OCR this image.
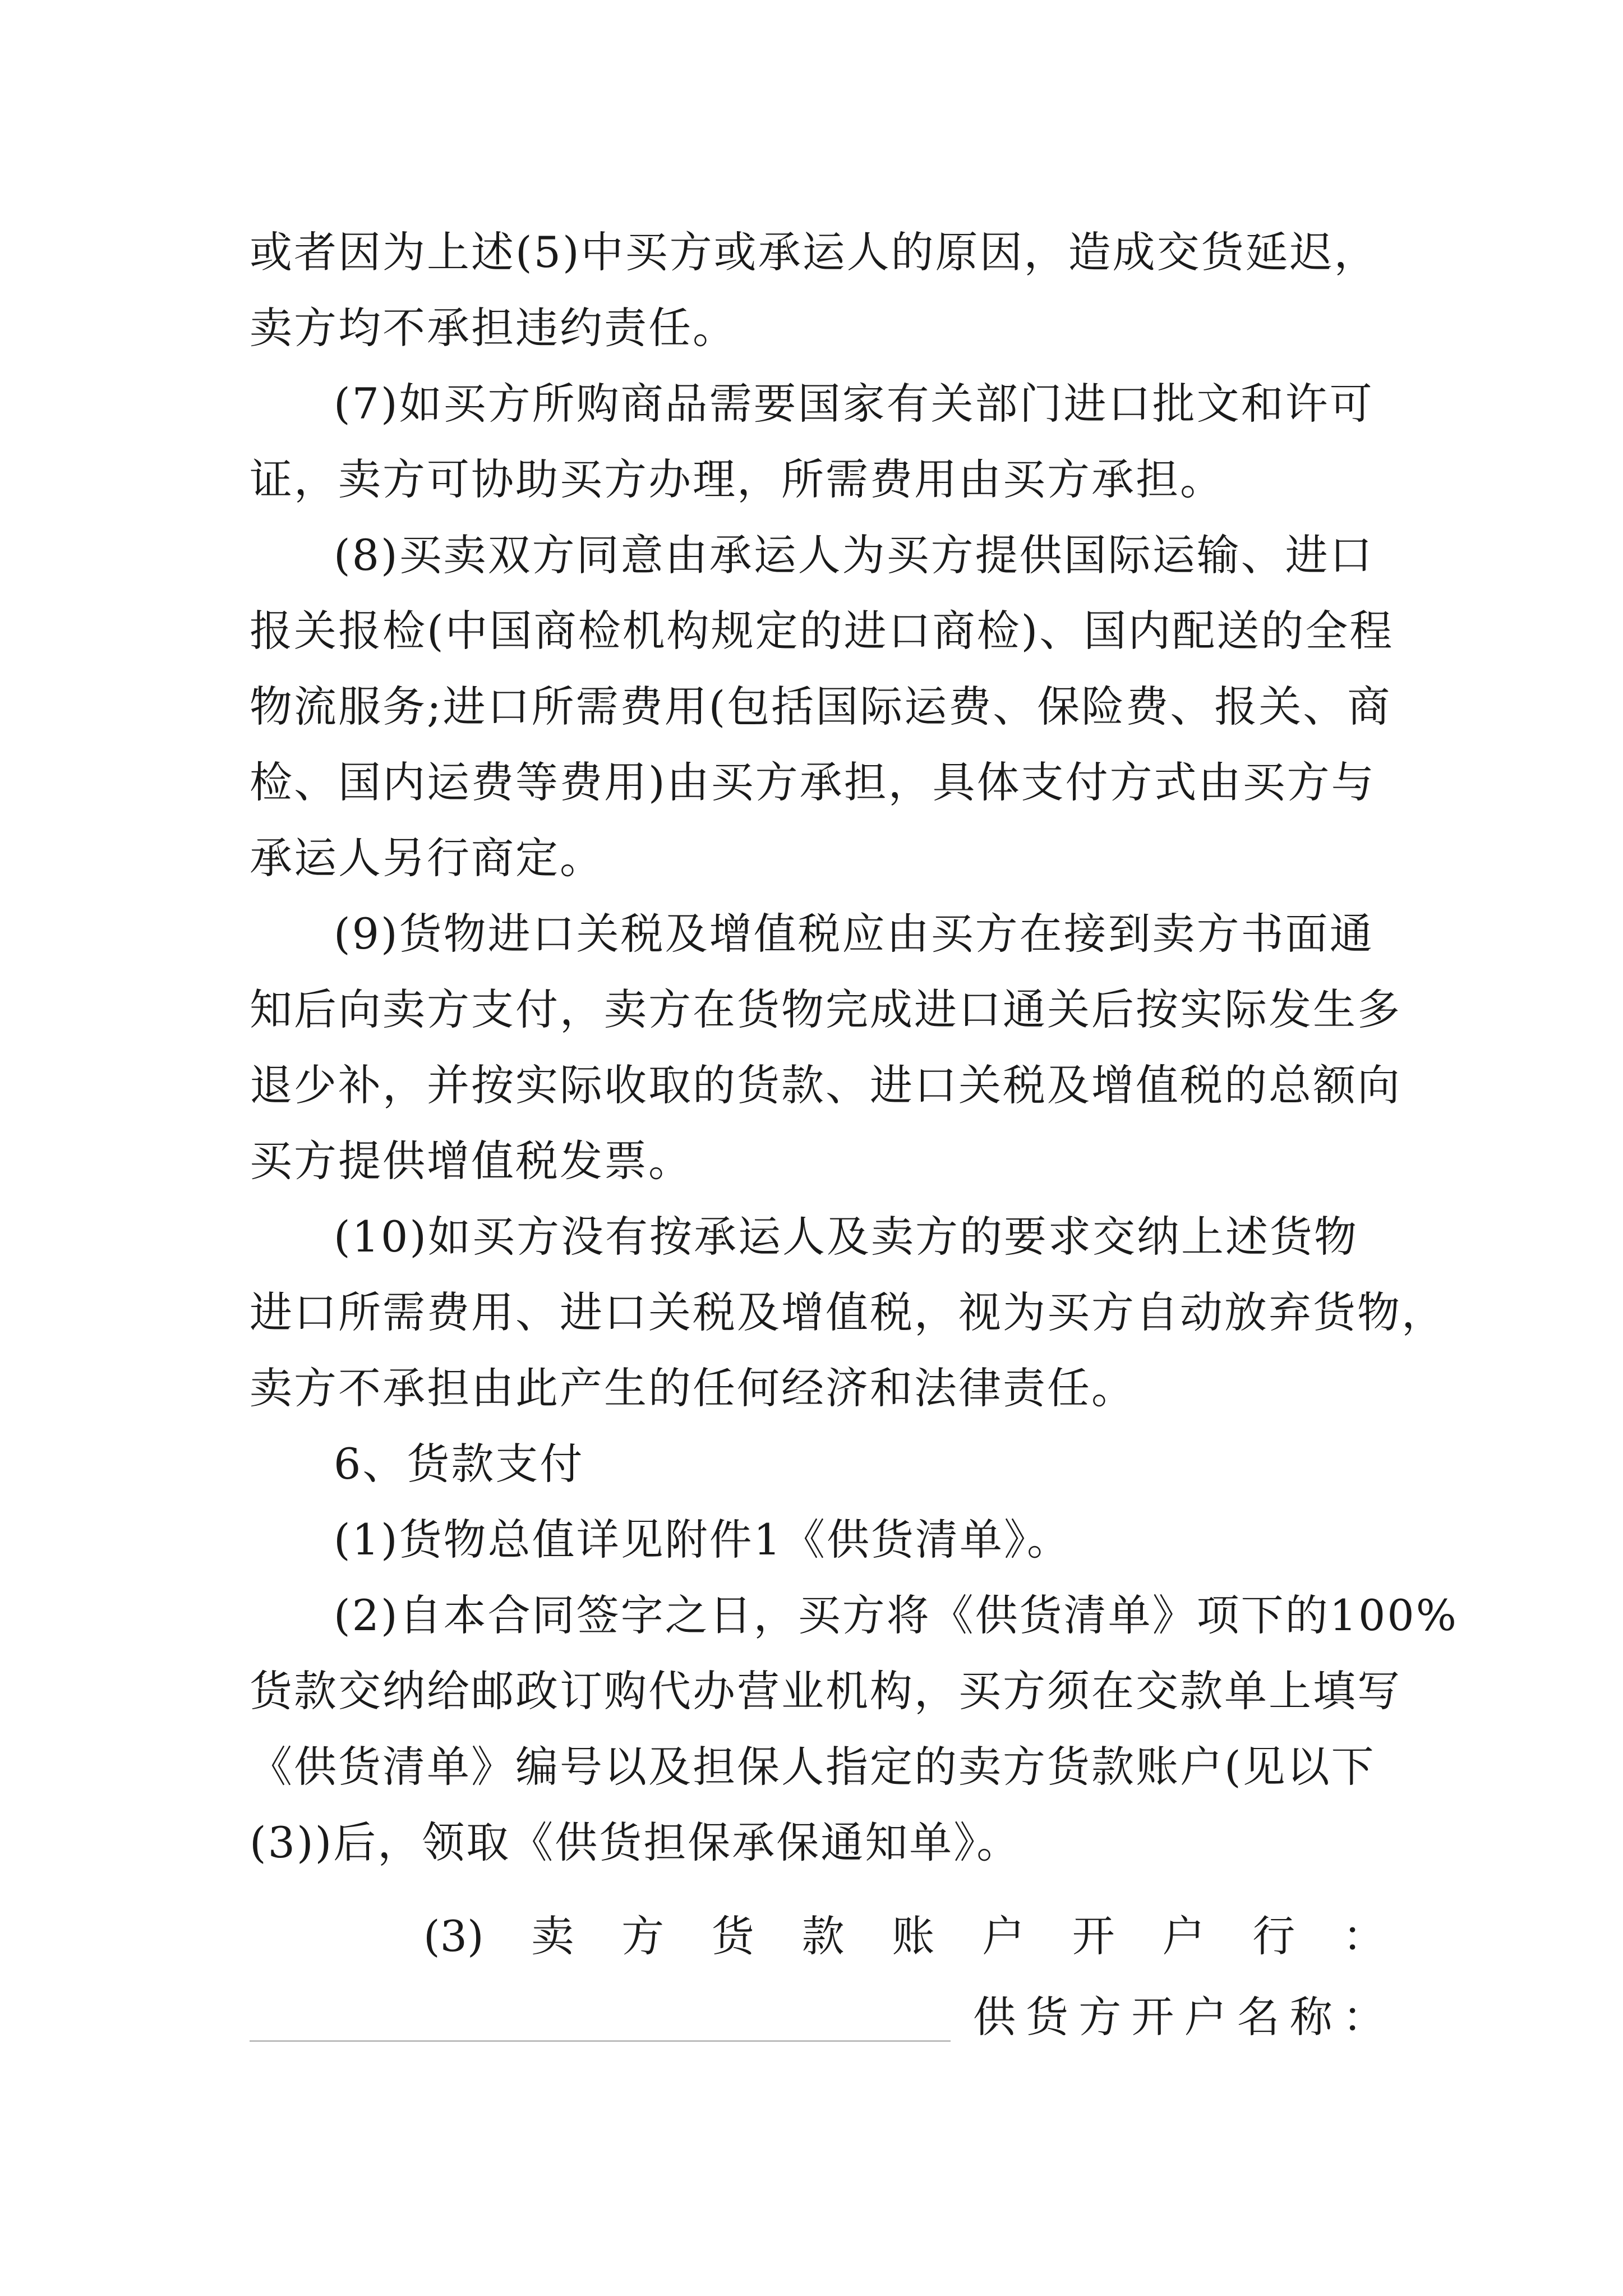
或者因为上述(5)中买方或承运人的原因，造成交货延迟，
卖方均不承担违约责任。
(7)如买方所购商品需要国家有关部门进口批文和许可
证，卖方可协助买方办理，所需费用由买方承担。
(8)买卖双方同意由承运人为买方提供国际运输、进口
报关报检(中国商检机构规定的进口商检)、国内配送的全程
物流服务;进口所需费用(包括国际运费、保险费、报关、商
检、国内运费等费用)由买方承担，具体支付方式由买方与
承运人另行商定。
(9)货物进口关税及增值税应由买方在接到卖方书面通
知后向卖方支付，卖方在货物完成进口通关后按实际发生多
退少补，并按实际收取的货款、进口关税及增值税的总额向
买方提供增值税发票。
(10)如买方没有按承运人及卖方的要求交纳上述货物
进口所需费用、进口关税及增值税，视为买方自动放弃货物，
卖方不承担由此产生的任何经济和法律责任。
6、货款支付
(1)货物总值详见附件1《供货清单》。
(2)自本合同签字之日，买方将《供货清单》项下的100%
货款交纳给邮政订购代办营业机构，买方须在交款单上填写
《供货清单》编号以及担保人指定的卖方货款账户(见以下
(3))后，领取《供货担保承保通知单》。
(3) 卖 方 货 款 账 户 开 户 行 ：
供 货 方 开 户 名 称 ：
